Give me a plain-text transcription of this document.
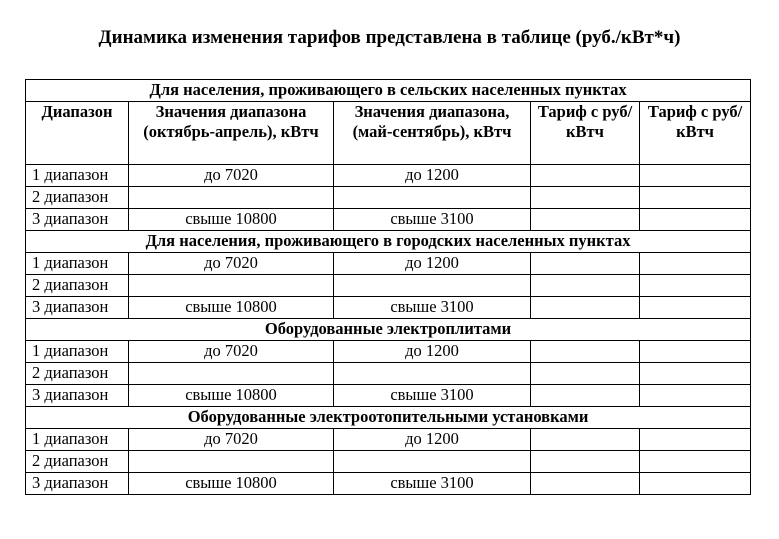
Динамика изменения тарифов представлена в таблице (руб./кВт*ч)
Для населения, проживающего в сельских населенных пунктах				
Диапазон	Значения диапазона (октябрь-апрель), кВтч	Значения диапазона, (май-сентябрь), кВтч	Тариф с руб/кВтч	Тариф с руб/кВтч
1 диапазон	до 7020	до 1200		
2 диапазон				
3 диапазон	свыше 10800	свыше 3100		
Для населения, проживающего в городских населенных пунктах				
1 диапазон	до 7020	до 1200		
2 диапазон				
3 диапазон	свыше 10800	свыше 3100		
Оборудованные электроплитами				
1 диапазон	до 7020	до 1200		
2 диапазон				
3 диапазон	свыше 10800	свыше 3100		
Оборудованные электроотопительными установками				
1 диапазон	до 7020	до 1200		
2 диапазон				
3 диапазон	свыше 10800	свыше 3100		
